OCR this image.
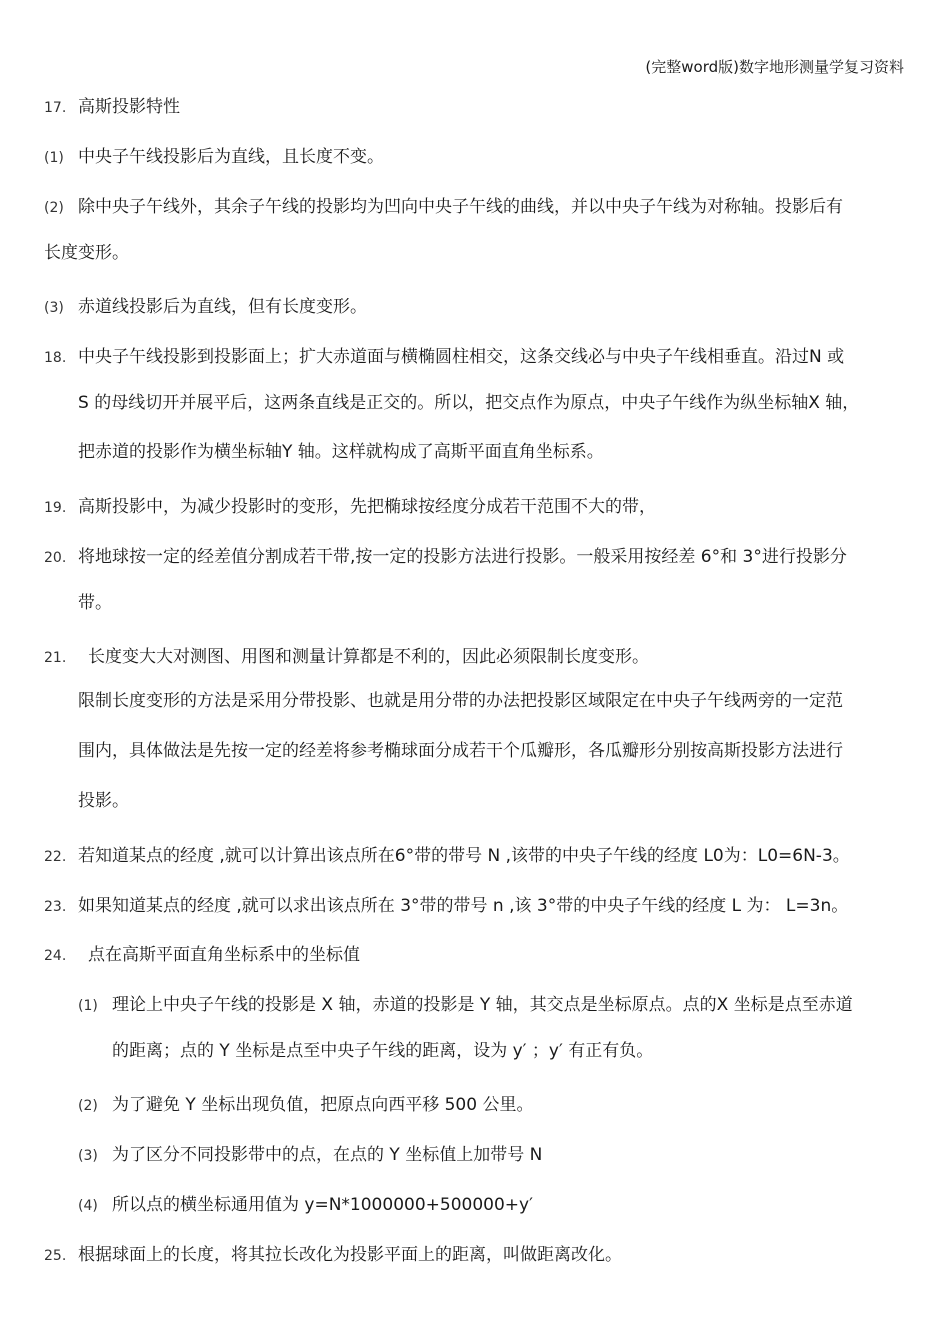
(完整word版)数字地形测量学复习资料
17. 高斯投影特性
(1) 中央子午线投影后为直线，且长度不变。
(2) 除中央子午线外，其余子午线的投影均为凹向中央子午线的曲线，并以中央子午线为对称轴。投影后有
长度变形。
(3) 赤道线投影后为直线，但有长度变形。
18. 中央子午线投影到投影面上；扩大赤道面与横椭圆柱相交，这条交线必与中央子午线相垂直。沿过N 或
S 的母线切开并展平后，这两条直线是正交的。所以，把交点作为原点，中央子午线作为纵坐标轴X 轴，
把赤道的投影作为横坐标轴Y 轴。这样就构成了高斯平面直角坐标系。
19. 高斯投影中，为减少投影时的变形，先把椭球按经度分成若干范围不大的带，
20. 将地球按一定的经差值分割成若干带,按一定的投影方法进行投影。一般采用按经差 6°和 3°进行投影分
带。
21. 长度变大大对测图、用图和测量计算都是不利的，因此必须限制长度变形。
限制长度变形的方法是采用分带投影、也就是用分带的办法把投影区域限定在中央子午线两旁的一定范
围内，具体做法是先按一定的经差将参考椭球面分成若干个瓜瓣形，各瓜瓣形分别按高斯投影方法进行
投影。
22. 若知道某点的经度 ,就可以计算出该点所在6°带的带号 N ,该带的中央子午线的经度 L0为：L0=6N-3。
23. 如果知道某点的经度 ,就可以求出该点所在 3°带的带号 n ,该 3°带的中央子午线的经度 L 为： L=3n。
24. 点在高斯平面直角坐标系中的坐标值
(1) 理论上中央子午线的投影是 X 轴，赤道的投影是 Y 轴，其交点是坐标原点。点的X 坐标是点至赤道
的距离；点的 Y 坐标是点至中央子午线的距离，设为 y′ ；y′ 有正有负。
(2) 为了避免 Y 坐标出现负值，把原点向西平移 500 公里。
(3) 为了区分不同投影带中的点，在点的 Y 坐标值上加带号 N
(4) 所以点的横坐标通用值为 y=N*1000000+500000+y′
25. 根据球面上的长度，将其拉长改化为投影平面上的距离，叫做距离改化。
